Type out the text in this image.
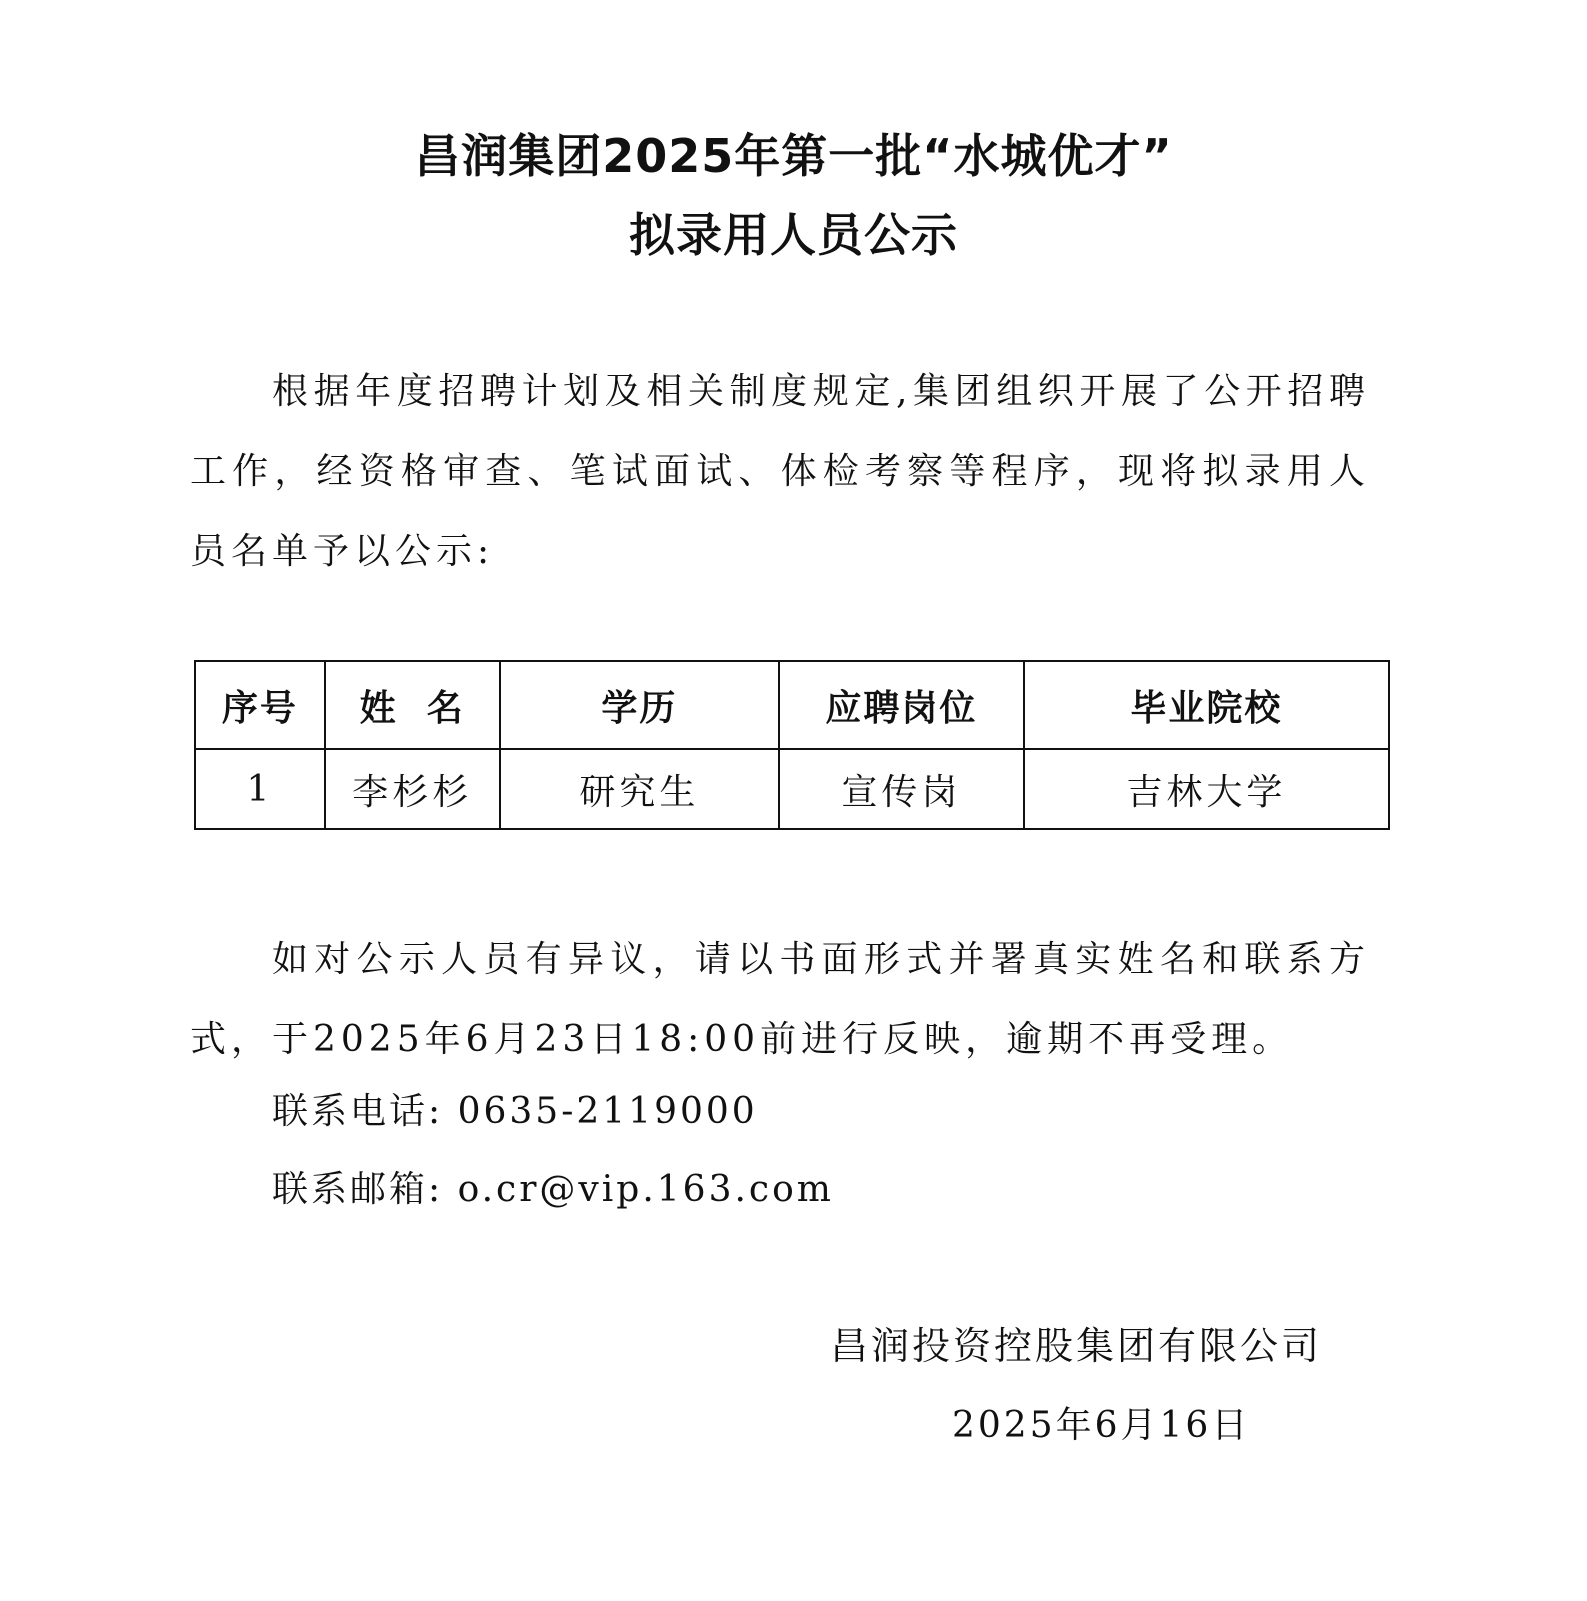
昌润集团2025年第一批“水城优才”
拟录用人员公示

根据年度招聘计划及相关制度规定,集团组织开展了公开招聘工作，经资格审查、笔试面试、体检考察等程序，现将拟录用人员名单予以公示:

序号	姓  名	学历	应聘岗位	毕业院校
1	李杉杉	研究生	宣传岗	吉林大学

如对公示人员有异议，请以书面形式并署真实姓名和联系方式，于2025年6月23日18:00前进行反映，逾期不再受理。

联系电话: 0635-2119000

联系邮箱: o.cr@vip.163.com

昌润投资控股集团有限公司

2025年6月16日
